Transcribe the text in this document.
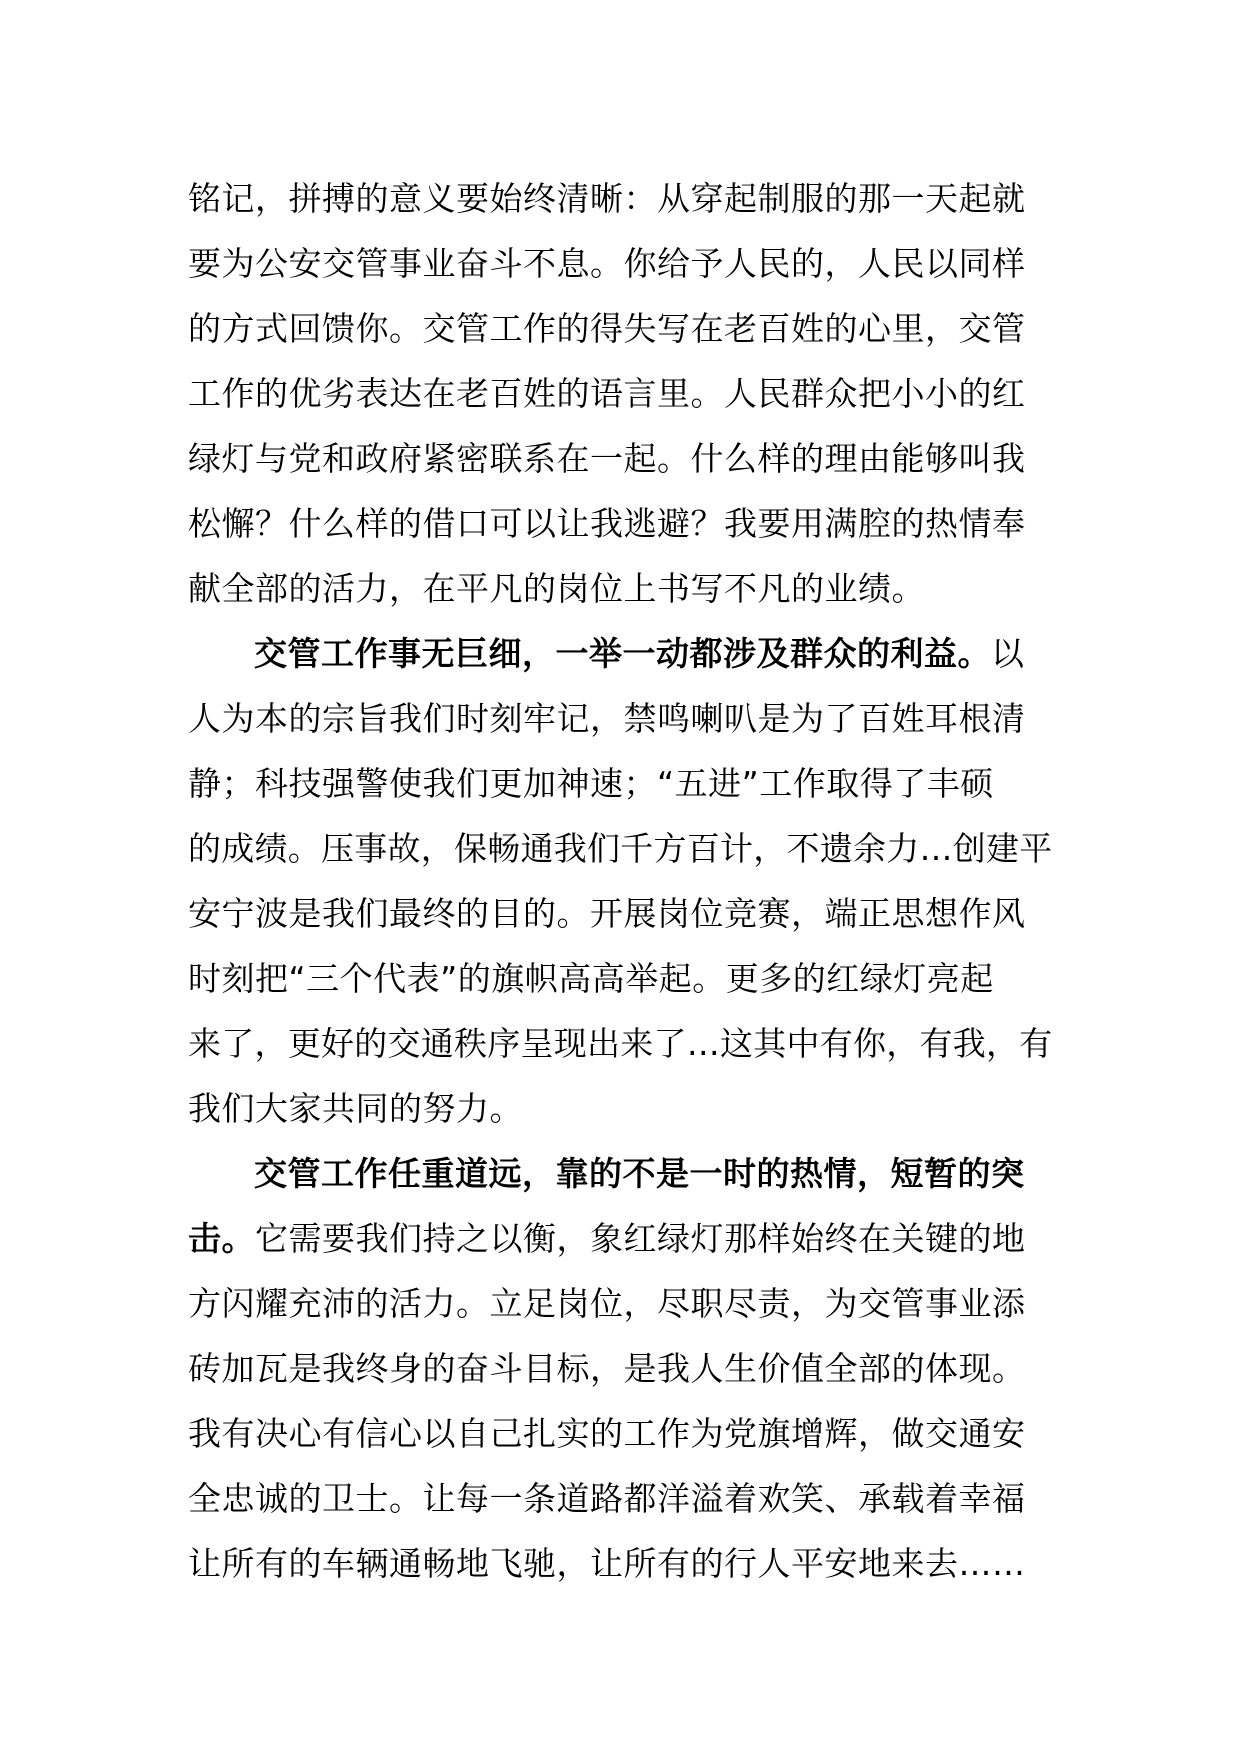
铭记，拼搏的意义要始终清晰：从穿起制服的那一天起就
要为公安交管事业奋斗不息。你给予人民的，人民以同样
的方式回馈你。交管工作的得失写在老百姓的心里，交管
工作的优劣表达在老百姓的语言里。人民群众把小小的红
绿灯与党和政府紧密联系在一起。什么样的理由能够叫我
松懈？什么样的借口可以让我逃避？我要用满腔的热情奉
献全部的活力，在平凡的岗位上书写不凡的业绩。
交管工作事无巨细，一举一动都涉及群众的利益。以
人为本的宗旨我们时刻牢记，禁鸣喇叭是为了百姓耳根清
静；科技强警使我们更加神速；“五进”工作取得了丰硕
的成绩。压事故，保畅通我们千方百计，不遗余力…创建平
安宁波是我们最终的目的。开展岗位竞赛，端正思想作风
时刻把“三个代表”的旗帜高高举起。更多的红绿灯亮起
来了，更好的交通秩序呈现出来了…这其中有你，有我，有
我们大家共同的努力。
交管工作任重道远，靠的不是一时的热情，短暂的突
击。它需要我们持之以衡，象红绿灯那样始终在关键的地
方闪耀充沛的活力。立足岗位，尽职尽责，为交管事业添
砖加瓦是我终身的奋斗目标，是我人生价值全部的体现。
我有决心有信心以自己扎实的工作为党旗增辉，做交通安
全忠诚的卫士。让每一条道路都洋溢着欢笑、承载着幸福
让所有的车辆通畅地飞驰，让所有的行人平安地来去……
